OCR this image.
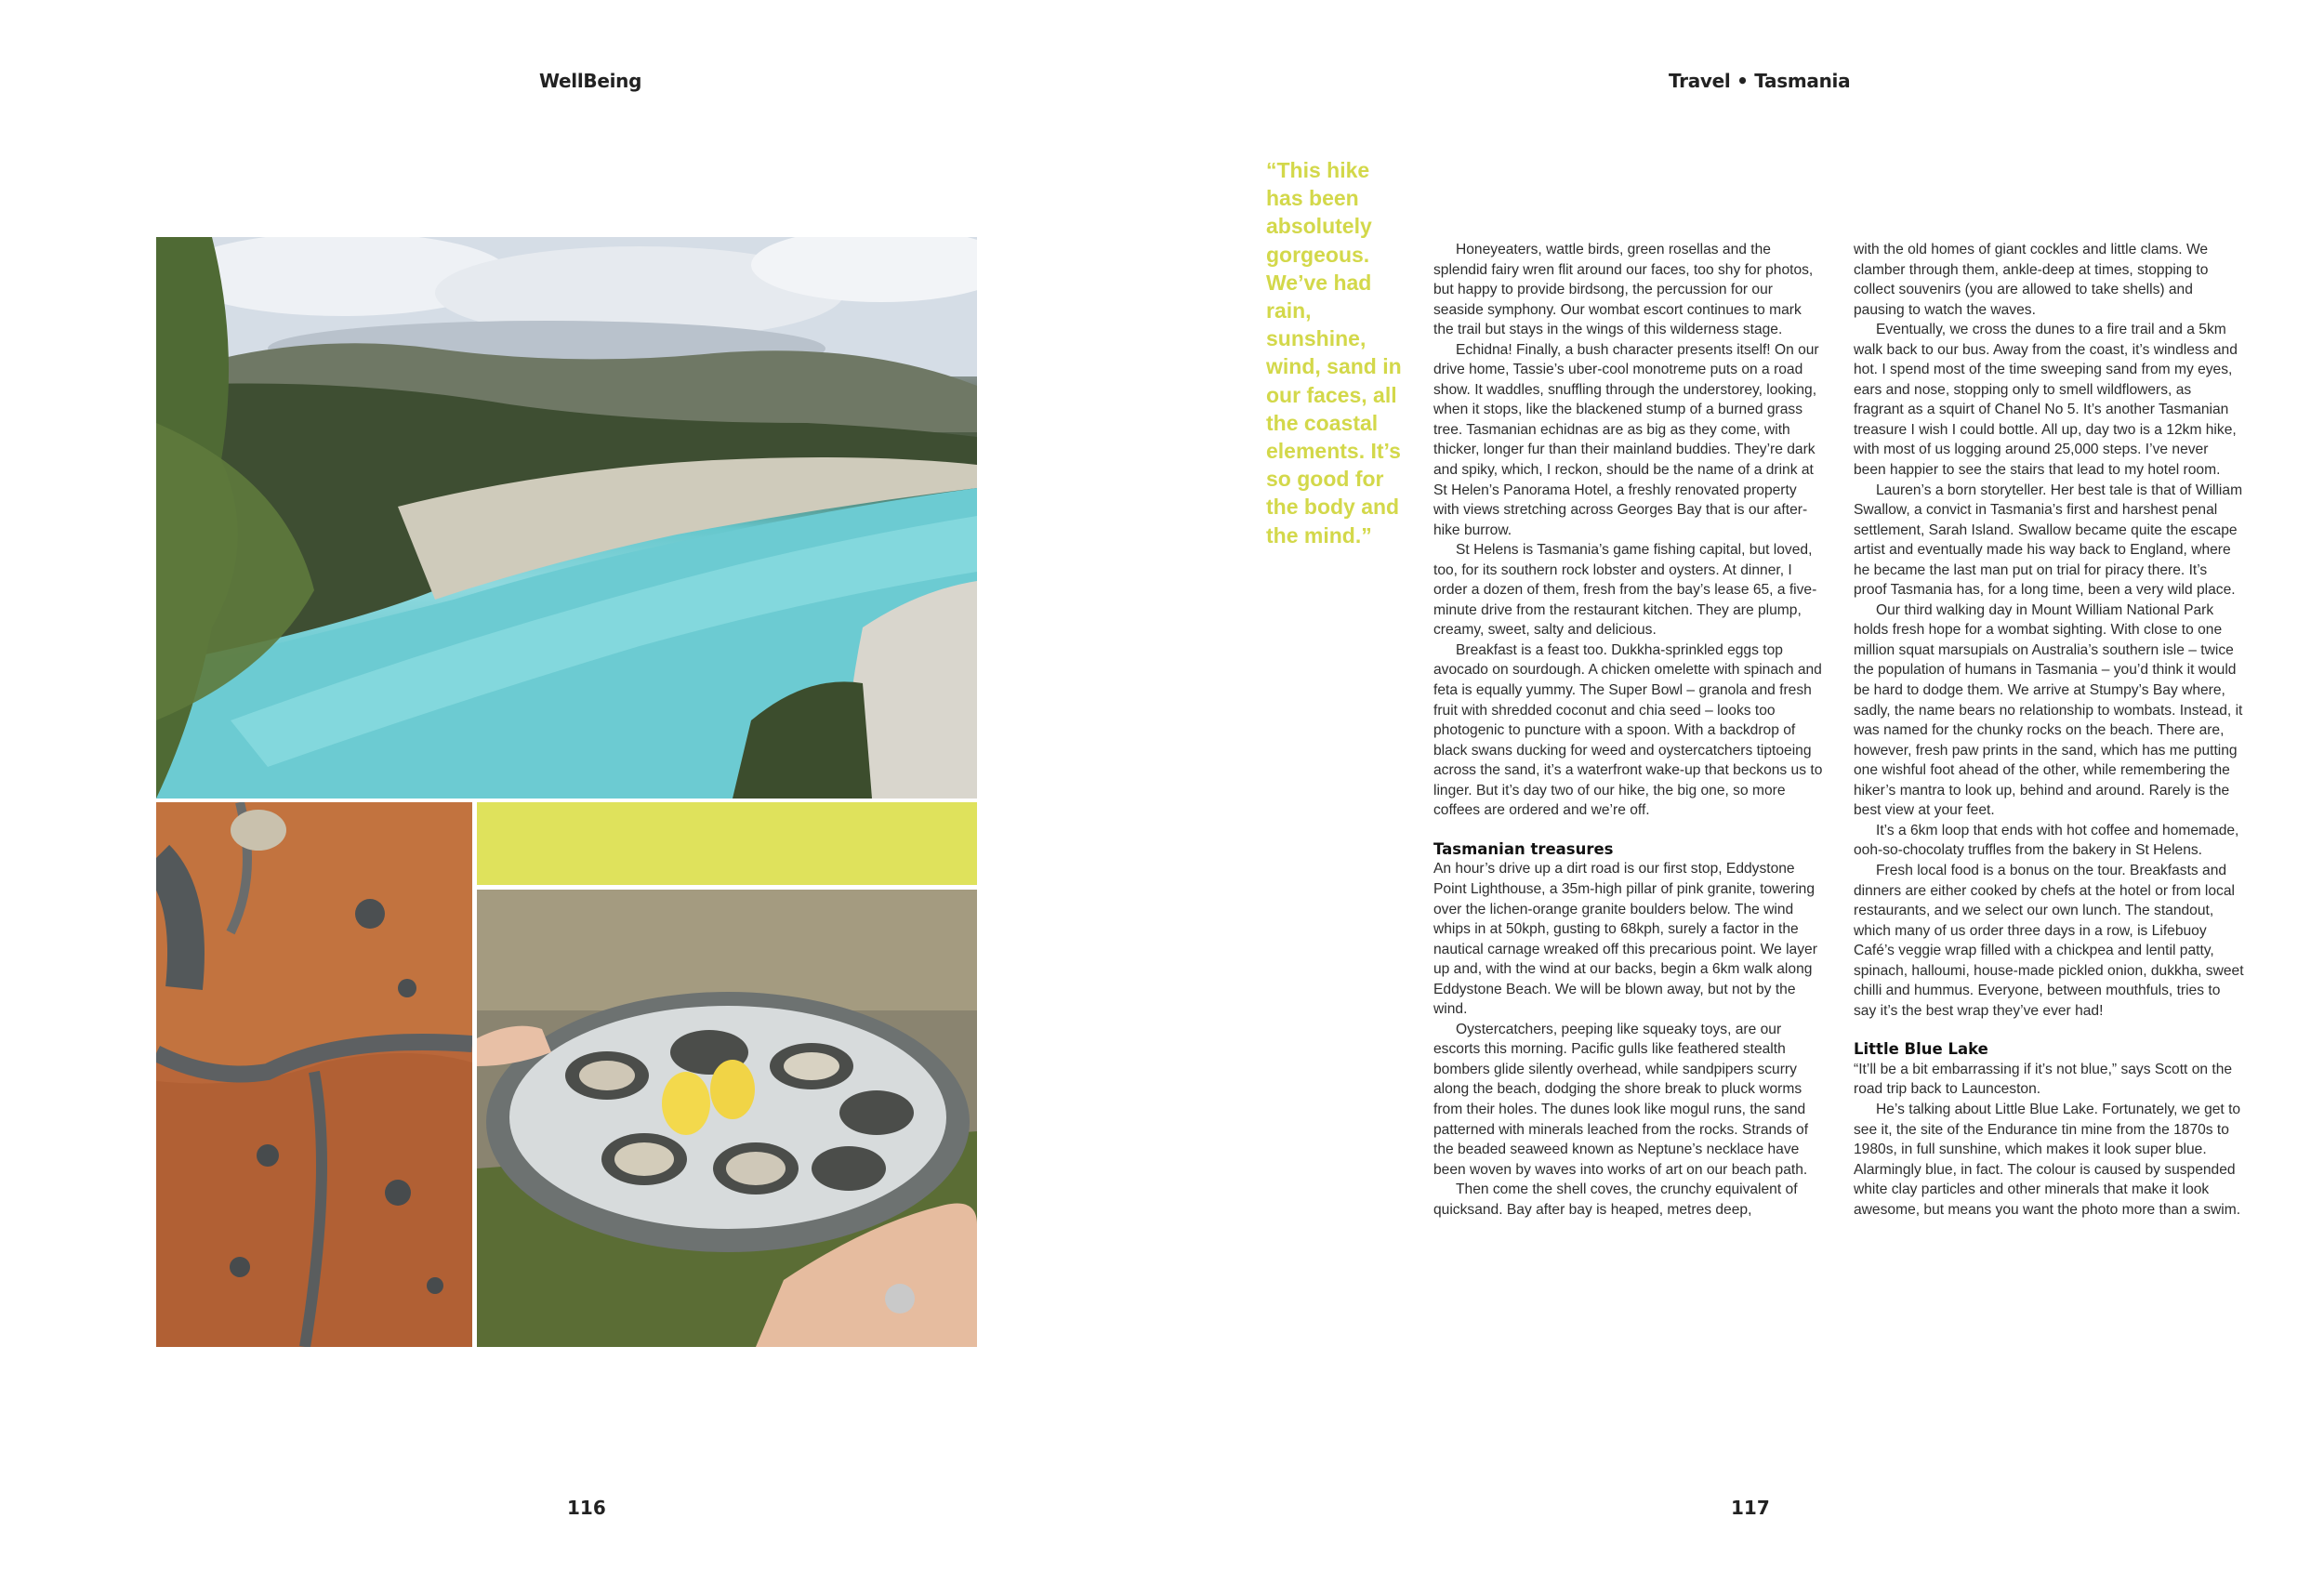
WellBeing
116
Travel • Tasmania
“This hike has been absolutely gorgeous. We’ve had rain, sunshine, wind, sand in our faces, all the coastal elements. It’s so good for the body and the mind.”

Honeyeaters, wattle birds, green rosellas and the splendid fairy wren flit around our faces, too shy for photos, but happy to provide birdsong, the percussion for our seaside symphony. Our wombat escort continues to mark the trail but stays in the wings of this wilderness stage.

Echidna! Finally, a bush character presents itself! On our drive home, Tassie’s uber-cool monotreme puts on a road show. It waddles, snuffling through the understorey, looking, when it stops, like the blackened stump of a burned grass tree. Tasmanian echidnas are as big as they come, with thicker, longer fur than their mainland buddies. They’re dark and spiky, which, I reckon, should be the name of a drink at St Helen’s Panorama Hotel, a freshly renovated property with views stretching across Georges Bay that is our after-hike burrow.

St Helens is Tasmania’s game fishing capital, but loved, too, for its southern rock lobster and oysters. At dinner, I order a dozen of them, fresh from the bay’s lease 65, a five-minute drive from the restaurant kitchen. They are plump, creamy, sweet, salty and delicious.

Breakfast is a feast too. Dukkha-sprinkled eggs top avocado on sourdough. A chicken omelette with spinach and feta is equally yummy. The Super Bowl – granola and fresh fruit with shredded coconut and chia seed – looks too photogenic to puncture with a spoon. With a backdrop of black swans ducking for weed and oystercatchers tiptoeing across the sand, it’s a waterfront wake-up that beckons us to linger. But it’s day two of our hike, the big one, so more coffees are ordered and we’re off.

Tasmanian treasures

An hour’s drive up a dirt road is our first stop, Eddystone Point Lighthouse, a 35m-high pillar of pink granite, towering over the lichen-orange granite boulders below. The wind whips in at 50kph, gusting to 68kph, surely a factor in the nautical carnage wreaked off this precarious point. We layer up and, with the wind at our backs, begin a 6km walk along Eddystone Beach. We will be blown away, but not by the wind.

Oystercatchers, peeping like squeaky toys, are our escorts this morning. Pacific gulls like feathered stealth bombers glide silently overhead, while sandpipers scurry along the beach, dodging the shore break to pluck worms from their holes. The dunes look like mogul runs, the sand patterned with minerals leached from the rocks. Strands of the beaded seaweed known as Neptune’s necklace have been woven by waves into works of art on our beach path.

Then come the shell coves, the crunchy equivalent of quicksand. Bay after bay is heaped, metres deep,

with the old homes of giant cockles and little clams. We clamber through them, ankle-deep at times, stopping to collect souvenirs (you are allowed to take shells) and pausing to watch the waves.

Eventually, we cross the dunes to a fire trail and a 5km walk back to our bus. Away from the coast, it’s windless and hot. I spend most of the time sweeping sand from my eyes, ears and nose, stopping only to smell wildflowers, as fragrant as a squirt of Chanel No 5. It’s another Tasmanian treasure I wish I could bottle. All up, day two is a 12km hike, with most of us logging around 25,000 steps. I’ve never been happier to see the stairs that lead to my hotel room.

Lauren’s a born storyteller. Her best tale is that of William Swallow, a convict in Tasmania’s first and harshest penal settlement, Sarah Island. Swallow became quite the escape artist and eventually made his way back to England, where he became the last man put on trial for piracy there. It’s proof Tasmania has, for a long time, been a very wild place.

Our third walking day in Mount William National Park holds fresh hope for a wombat sighting. With close to one million squat marsupials on Australia’s southern isle – twice the population of humans in Tasmania – you’d think it would be hard to dodge them. We arrive at Stumpy’s Bay where, sadly, the name bears no relationship to wombats. Instead, it was named for the chunky rocks on the beach. There are, however, fresh paw prints in the sand, which has me putting one wishful foot ahead of the other, while remembering the hiker’s mantra to look up, behind and around. Rarely is the best view at your feet.

It’s a 6km loop that ends with hot coffee and homemade, ooh-so-chocolaty truffles from the bakery in St Helens.

Fresh local food is a bonus on the tour. Breakfasts and dinners are either cooked by chefs at the hotel or from local restaurants, and we select our own lunch. The standout, which many of us order three days in a row, is Lifebuoy Café’s veggie wrap filled with a chickpea and lentil patty, spinach, halloumi, house-made pickled onion, dukkha, sweet chilli and hummus. Everyone, between mouthfuls, tries to say it’s the best wrap they’ve ever had!

Little Blue Lake

“It’ll be a bit embarrassing if it’s not blue,” says Scott on the road trip back to Launceston.

He’s talking about Little Blue Lake. Fortunately, we get to see it, the site of the Endurance tin mine from the 1870s to 1980s, in full sunshine, which makes it look super blue. Alarmingly blue, in fact. The colour is caused by suspended white clay particles and other minerals that make it look awesome, but means you want the photo more than a swim.

117
